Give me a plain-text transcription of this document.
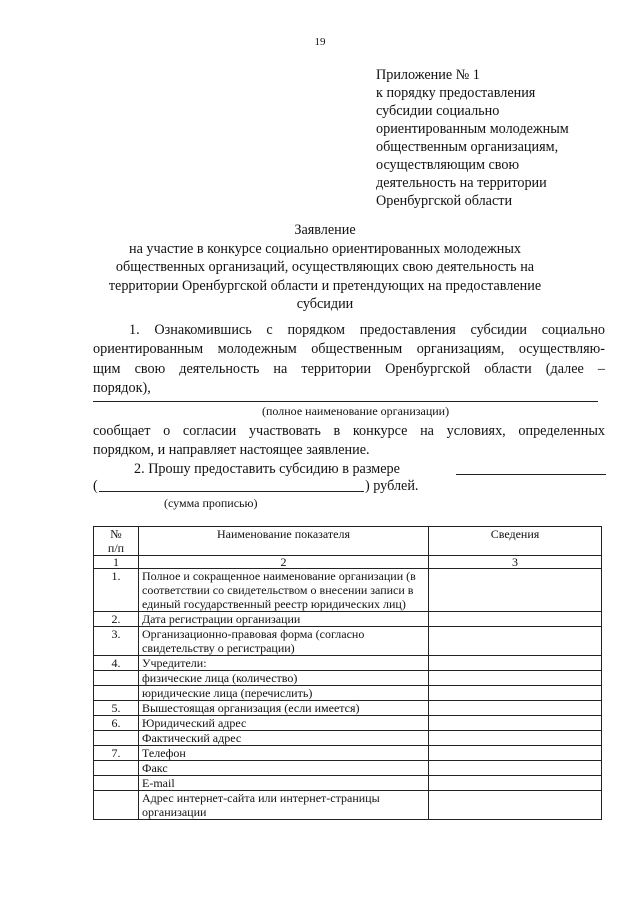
19
Приложение № 1
к порядку предоставления
субсидии социально
ориентированным молодежным
общественным организациям,
осуществляющим свою
деятельность на территории
Оренбургской области
Заявление
на участие в конкурсе социально ориентированных молодежных
общественных организаций, осуществляющих свою деятельность на
территории Оренбургской области и претендующих на предоставление
субсидии
1. Ознакомившись с порядком предоставления субсидии социально
ориентированным молодежным общественным организациям, осуществляю-
щим свою деятельность на территории Оренбургской области (далее –
порядок),
(полное наименование организации)
сообщает о согласии участвовать в конкурсе на условиях, определенных
порядком, и направляет настоящее заявление.
2. Прошу предоставить субсидию в размере
(	) рублей.
(сумма прописью)
№
п/п	Наименование показателя	Сведения
1	2	3
1.	Полное и сокращенное наименование организации (в соответствии со свидетельством о внесении записи в единый государственный реестр юридических лиц)	
2.	Дата регистрации организации	
3.	Организационно-правовая форма (согласно свидетельству о регистрации)	
4.	Учредители:	
	физические лица (количество)	
	юридические лица (перечислить)	
5.	Вышестоящая организация (если имеется)	
6.	Юридический адрес	
	Фактический адрес	
7.	Телефон	
	Факс	
	E-mail	
	Адрес интернет-сайта или интернет-страницы организации	
